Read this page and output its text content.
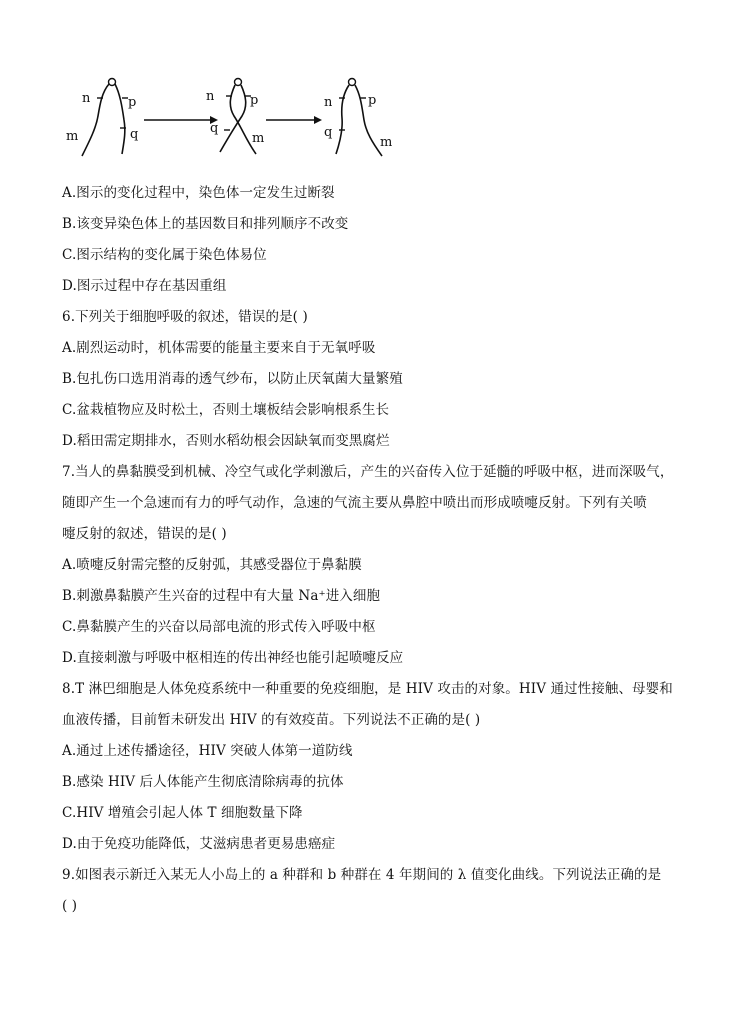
n	p
m	q
n	p
q
m
n	p
q
m
A.图示的变化过程中，染色体一定发生过断裂
B.该变异染色体上的基因数目和排列顺序不改变
C.图示结构的变化属于染色体易位
D.图示过程中存在基因重组
6.下列关于细胞呼吸的叙述，错误的是( )
A.剧烈运动时，机体需要的能量主要来自于无氧呼吸
B.包扎伤口选用消毒的透气纱布，以防止厌氧菌大量繁殖
C.盆栽植物应及时松土，否则土壤板结会影响根系生长
D.稻田需定期排水，否则水稻幼根会因缺氧而变黑腐烂
7.当人的鼻黏膜受到机械、冷空气或化学刺激后，产生的兴奋传入位于延髓的呼吸中枢，进而深吸气，
随即产生一个急速而有力的呼气动作，急速的气流主要从鼻腔中喷出而形成喷嚏反射。下列有关喷
嚏反射的叙述，错误的是( )
A.喷嚏反射需完整的反射弧，其感受器位于鼻黏膜
B.刺激鼻黏膜产生兴奋的过程中有大量 Na⁺进入细胞
C.鼻黏膜产生的兴奋以局部电流的形式传入呼吸中枢
D.直接刺激与呼吸中枢相连的传出神经也能引起喷嚏反应
8.T 淋巴细胞是人体免疫系统中一种重要的免疫细胞，是 HIV 攻击的对象。HIV 通过性接触、母婴和
血液传播，目前暂未研发出 HIV 的有效疫苗。下列说法不正确的是( )
A.通过上述传播途径，HIV 突破人体第一道防线
B.感染 HIV 后人体能产生彻底清除病毒的抗体
C.HIV 增殖会引起人体 T 细胞数量下降
D.由于免疫功能降低，艾滋病患者更易患癌症
9.如图表示新迁入某无人小岛上的 a 种群和 b 种群在 4 年期间的 λ 值变化曲线。下列说法正确的是
( )
